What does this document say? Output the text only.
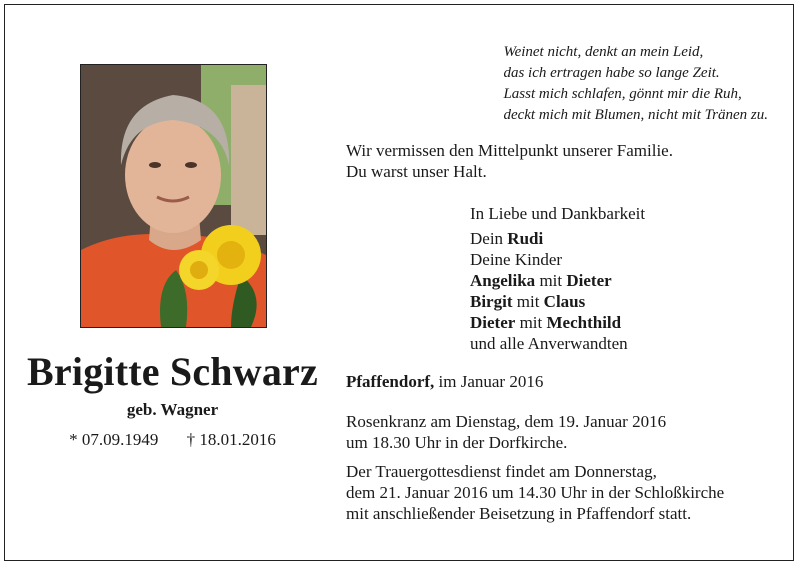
Brigitte Schwarz
geb. Wagner
* 07.09.1949 † 18.01.2016
Weinet nicht, denkt an mein Leid,
das ich ertragen habe so lange Zeit.
Lasst mich schlafen, gönnt mir die Ruh,
deckt mich mit Blumen, nicht mit Tränen zu.
Wir vermissen den Mittelpunkt unserer Familie.
Du warst unser Halt.
In Liebe und Dankbarkeit
Dein Rudi
Deine Kinder
Angelika mit Dieter
Birgit mit Claus
Dieter mit Mechthild
und alle Anverwandten
Pfaffendorf, im Januar 2016
Rosenkranz am Dienstag, dem 19. Januar 2016
um 18.30 Uhr in der Dorfkirche.
Der Trauergottesdienst findet am Donnerstag,
dem 21. Januar 2016 um 14.30 Uhr in der Schloßkirche
mit anschließender Beisetzung in Pfaffendorf statt.
